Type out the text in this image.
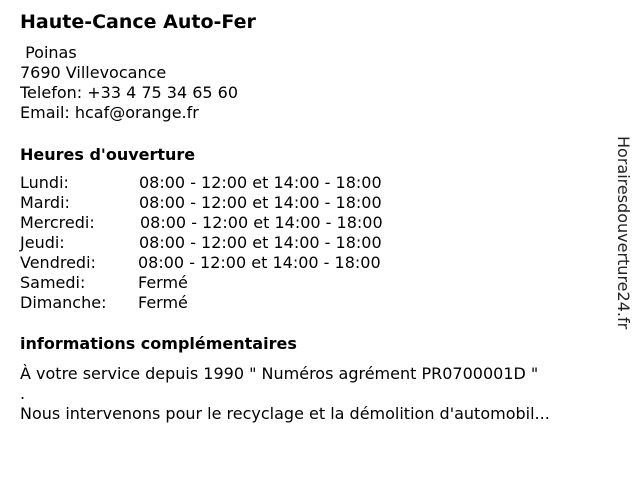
Haute-Cance Auto-Fer
Poinas
7690 Villevocance
Telefon: +33 4 75 34 65 60
Email: hcaf@orange.fr
Heures d'ouverture
Lundi:	08:00 - 12:00 et 14:00 - 18:00
Mardi:	08:00 - 12:00 et 14:00 - 18:00
Mercredi:	08:00 - 12:00 et 14:00 - 18:00
Jeudi:	08:00 - 12:00 et 14:00 - 18:00
Vendredi:	08:00 - 12:00 et 14:00 - 18:00
Samedi:	Fermé
Dimanche: Fermé
informations complémentaires
À votre service depuis 1990 " Numéros agrément PR0700001D "
.
Nous intervenons pour le recyclage et la démolition d'automobil...
Horairesdouverture24.fr
